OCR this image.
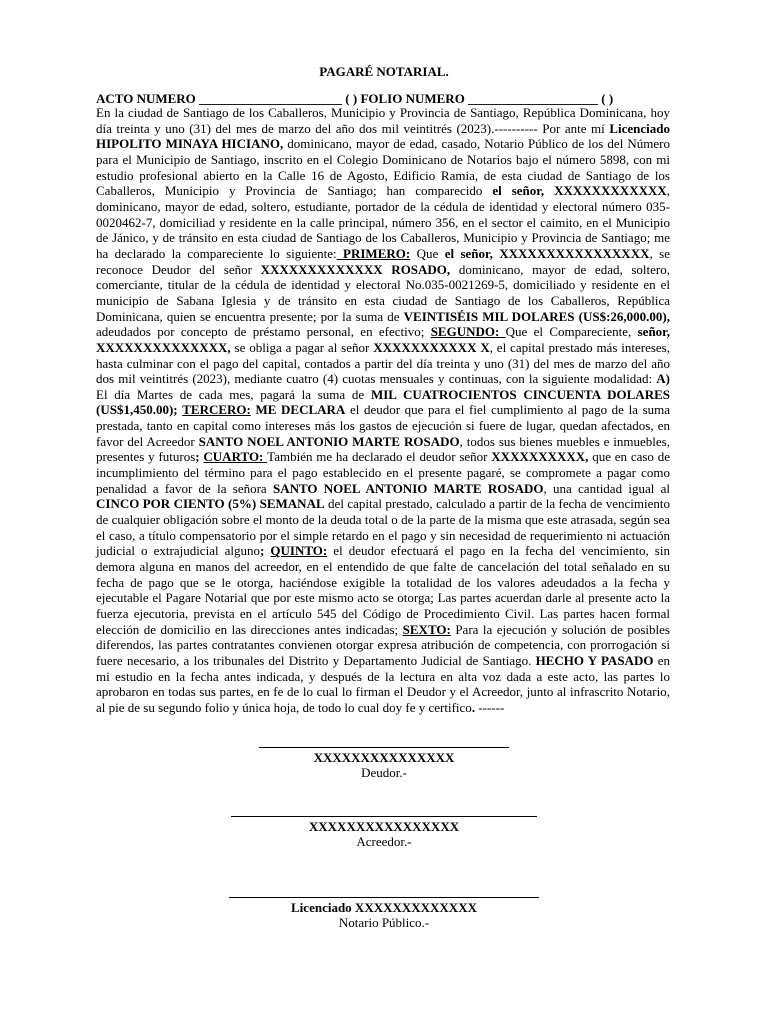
PAGARÉ NOTARIAL.
ACTO NUMERO ______________________ ( ) FOLIO NUMERO ____________________ ( )
En la ciudad de Santiago de los Caballeros, Municipio y Provincia de Santiago, República Dominicana, hoy día treinta y uno (31) del mes de marzo del año dos mil veintitrés (2023).---------- Por ante mí Licenciado HIPOLITO MINAYA HICIANO, dominicano, mayor de edad, casado, Notario Público de los del Número para el Municipio de Santiago, inscrito en el Colegio Dominicano de Notarios bajo el número 5898, con mi estudio profesional abierto en la Calle 16 de Agosto, Edificio Ramia, de esta ciudad de Santiago de los Caballeros, Municipio y Provincia de Santiago; han comparecido el señor, XXXXXXXXXXXX, dominicano, mayor de edad, soltero, estudiante, portador de la cédula de identidad y electoral número 035-0020462-7, domiciliad y residente en la calle principal, número 356, en el sector el caimito, en el Municipio de Jánico, y de tránsito en esta ciudad de Santiago de los Caballeros, Municipio y Provincia de Santiago; me ha declarado la compareciente lo siguiente: PRIMERO: Que el señor, XXXXXXXXXXXXXXXX, se reconoce Deudor del señor XXXXXXXXXXXXX ROSADO, dominicano, mayor de edad, soltero, comerciante, titular de la cédula de identidad y electoral No.035-0021269-5, domiciliado y residente en el municipio de Sabana Iglesia y de tránsito en esta ciudad de Santiago de los Caballeros, República Dominicana, quien se encuentra presente; por la suma de VEINTISÉIS MIL DOLARES (US$:26,000.00), adeudados por concepto de préstamo personal, en efectivo; SEGUNDO: Que el Compareciente, señor, XXXXXXXXXXXXXX, se obliga a pagar al señor XXXXXXXXXXX X, el capital prestado más intereses, hasta culminar con el pago del capital, contados a partir del día treinta y uno (31) del mes de marzo del año dos mil veintitrés (2023), mediante cuatro (4) cuotas mensuales y continuas, con la siguiente modalidad: A) El día Martes de cada mes, pagará la suma de MIL CUATROCIENTOS CINCUENTA DOLARES (US$1,450.00); TERCERO: ME DECLARA el deudor que para el fiel cumplimiento al pago de la suma prestada, tanto en capital como intereses más los gastos de ejecución si fuere de lugar, quedan afectados, en favor del Acreedor SANTO NOEL ANTONIO MARTE ROSADO, todos sus bienes muebles e inmuebles, presentes y futuros; CUARTO: También me ha declarado el deudor señor XXXXXXXXXX, que en caso de incumplimiento del término para el pago establecido en el presente pagaré, se compromete a pagar como penalidad a favor de la señora SANTO NOEL ANTONIO MARTE ROSADO, una cantidad igual al CINCO POR CIENTO (5%) SEMANAL del capital prestado, calculado a partir de la fecha de vencimiento de cualquier obligación sobre el monto de la deuda total o de la parte de la misma que este atrasada, según sea el caso, a título compensatorio por el simple retardo en el pago y sin necesidad de requerimiento ni actuación judicial o extrajudicial alguno; QUINTO: el deudor efectuará el pago en la fecha del vencimiento, sin demora alguna en manos del acreedor, en el entendido de que falte de cancelación del total señalado en su fecha de pago que se le otorga, haciéndose exigible la totalidad de los valores adeudados a la fecha y ejecutable el Pagare Notarial que por este mismo acto se otorga; Las partes acuerdan darle al presente acto la fuerza ejecutoria, prevista en el artículo 545 del Código de Procedimiento Civil. Las partes hacen formal elección de domicilio en las direcciones antes indicadas; SEXTO: Para la ejecución y solución de posibles diferendos, las partes contratantes convienen otorgar expresa atribución de competencia, con prorrogación si fuere necesario, a los tribunales del Distrito y Departamento Judicial de Santiago. HECHO Y PASADO en mi estudio en la fecha antes indicada, y después de la lectura en alta voz dada a este acto, las partes lo aprobaron en todas sus partes, en fe de lo cual lo firman el Deudor y el Acreedor, junto al infrascrito Notario, al pie de su segundo folio y única hoja, de todo lo cual doy fe y certifico. ------
XXXXXXXXXXXXXXX
Deudor.-
XXXXXXXXXXXXXXXX
Acreedor.-
Licenciado XXXXXXXXXXXXX
Notario Público.-
